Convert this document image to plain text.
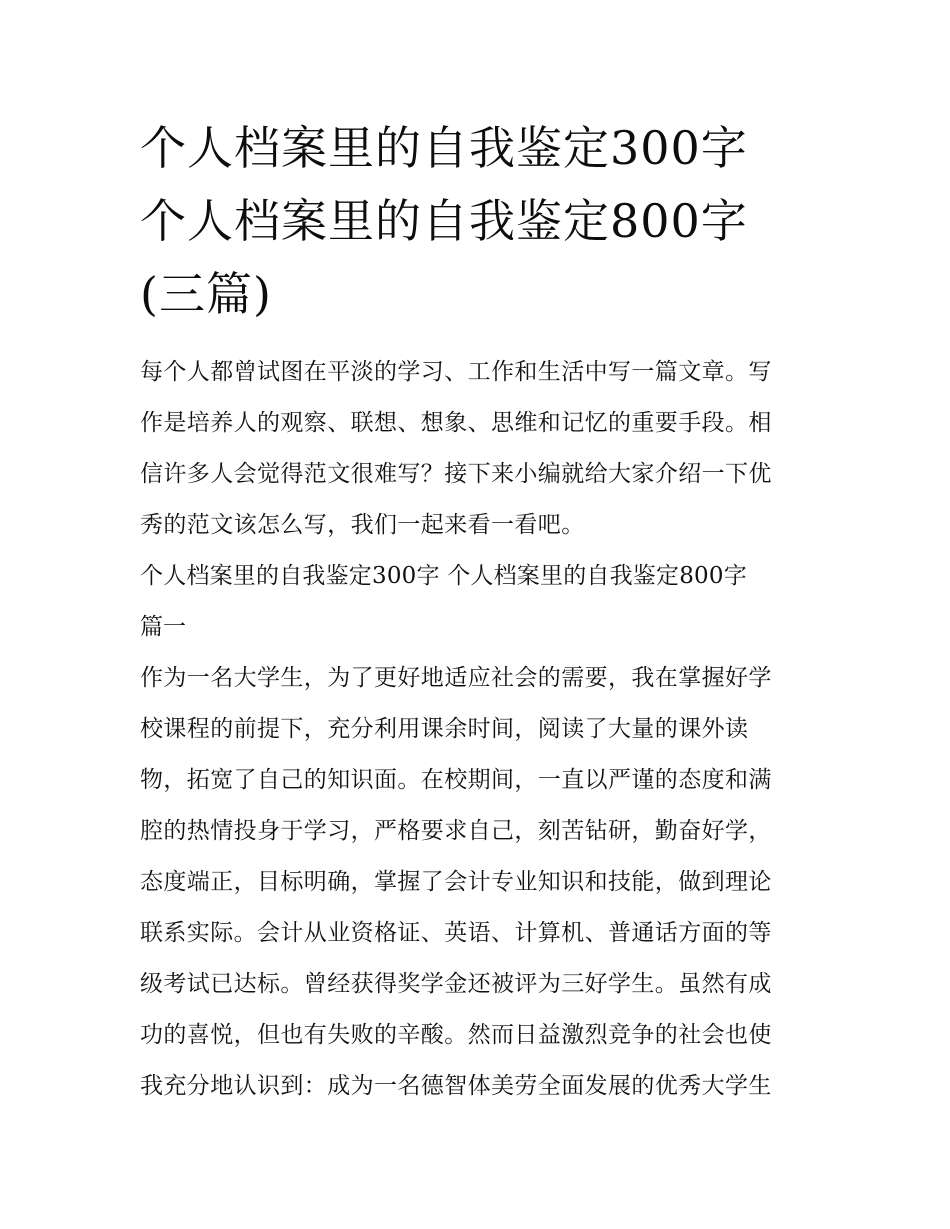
个人档案里的自我鉴定300字
个人档案里的自我鉴定800字
(三篇)
每个人都曾试图在平淡的学习、工作和生活中写一篇文章。写
作是培养人的观察、联想、想象、思维和记忆的重要手段。相
信许多人会觉得范文很难写？接下来小编就给大家介绍一下优
秀的范文该怎么写，我们一起来看一看吧。
个人档案里的自我鉴定300字 个人档案里的自我鉴定800字
篇一
作为一名大学生，为了更好地适应社会的需要，我在掌握好学
校课程的前提下，充分利用课余时间，阅读了大量的课外读
物，拓宽了自己的知识面。在校期间，一直以严谨的态度和满
腔的热情投身于学习，严格要求自己，刻苦钻研，勤奋好学，
态度端正，目标明确，掌握了会计专业知识和技能，做到理论
联系实际。会计从业资格证、英语、计算机、普通话方面的等
级考试已达标。曾经获得奖学金还被评为三好学生。虽然有成
功的喜悦，但也有失败的辛酸。然而日益激烈竞争的社会也使
我充分地认识到：成为一名德智体美劳全面发展的优秀大学生
